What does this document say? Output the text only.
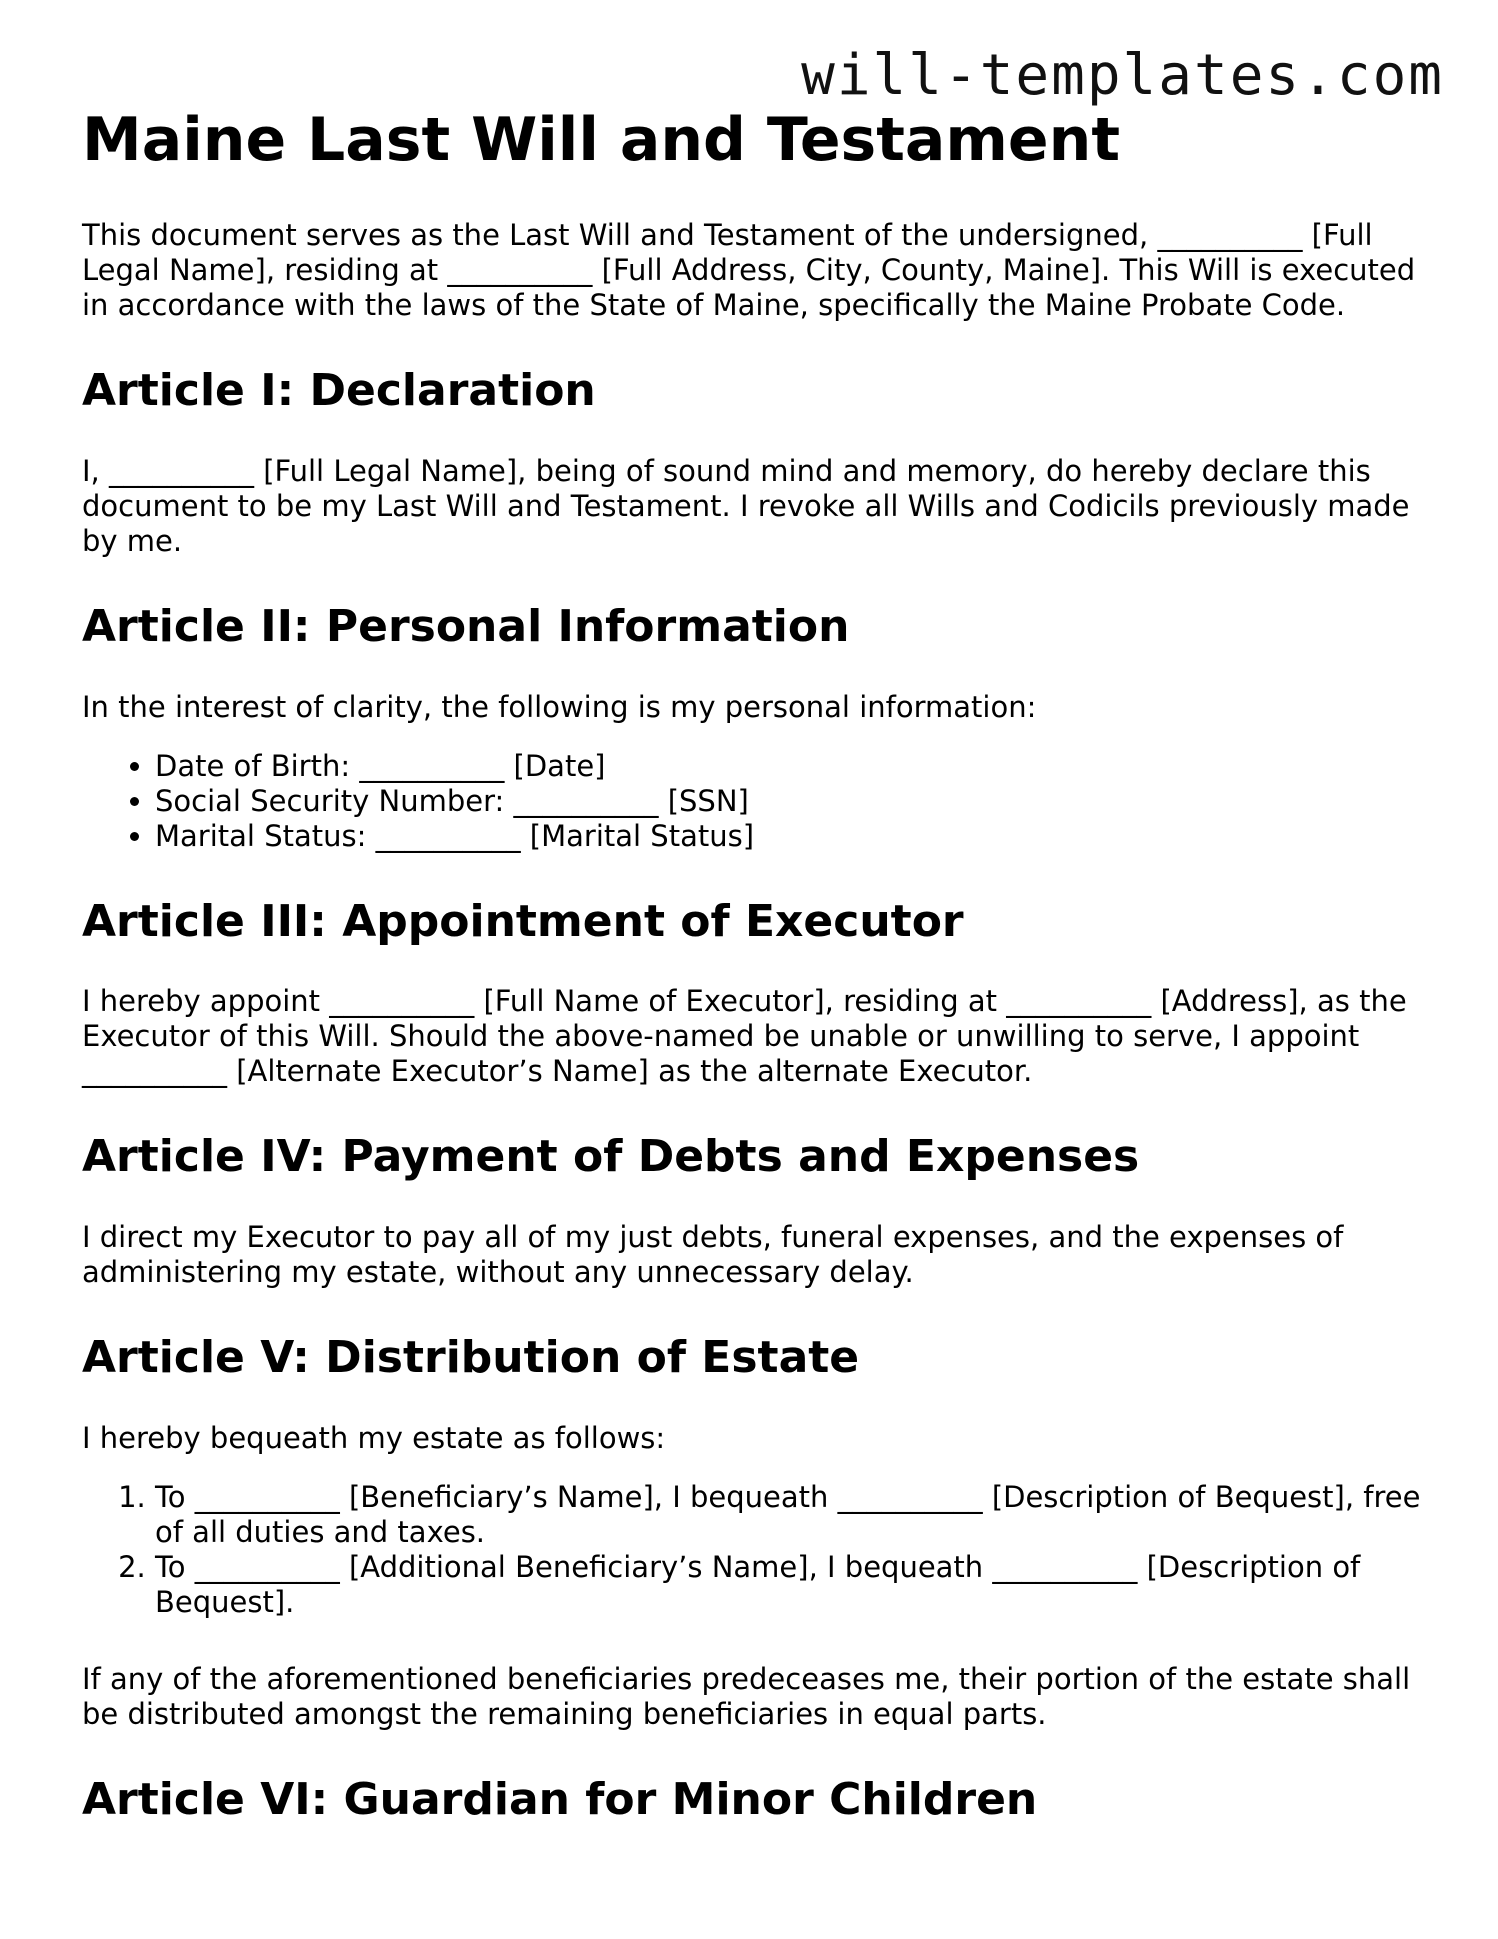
will-templates.com
Maine Last Will and Testament

This document serves as the Last Will and Testament of the undersigned, __________ [Full Legal Name], residing at __________ [Full Address, City, County, Maine]. This Will is executed in accordance with the laws of the State of Maine, specifically the Maine Probate Code.

Article I: Declaration

I, __________ [Full Legal Name], being of sound mind and memory, do hereby declare this document to be my Last Will and Testament. I revoke all Wills and Codicils previously made by me.

Article II: Personal Information

In the interest of clarity, the following is my personal information:

• Date of Birth: __________ [Date]
• Social Security Number: __________ [SSN]
• Marital Status: __________ [Marital Status]
Article III: Appointment of Executor

I hereby appoint __________ [Full Name of Executor], residing at __________ [Address], as the Executor of this Will. Should the above-named be unable or unwilling to serve, I appoint __________ [Alternate Executor’s Name] as the alternate Executor.

Article IV: Payment of Debts and Expenses

I direct my Executor to pay all of my just debts, funeral expenses, and the expenses of administering my estate, without any unnecessary delay.

Article V: Distribution of Estate

I hereby bequeath my estate as follows:

1. To __________ [Beneficiary’s Name], I bequeath __________ [Description of Bequest], free of all duties and taxes.
2. To __________ [Additional Beneficiary’s Name], I bequeath __________ [Description of Bequest].

If any of the aforementioned beneficiaries predeceases me, their portion of the estate shall be distributed amongst the remaining beneficiaries in equal parts.

Article VI: Guardian for Minor Children
